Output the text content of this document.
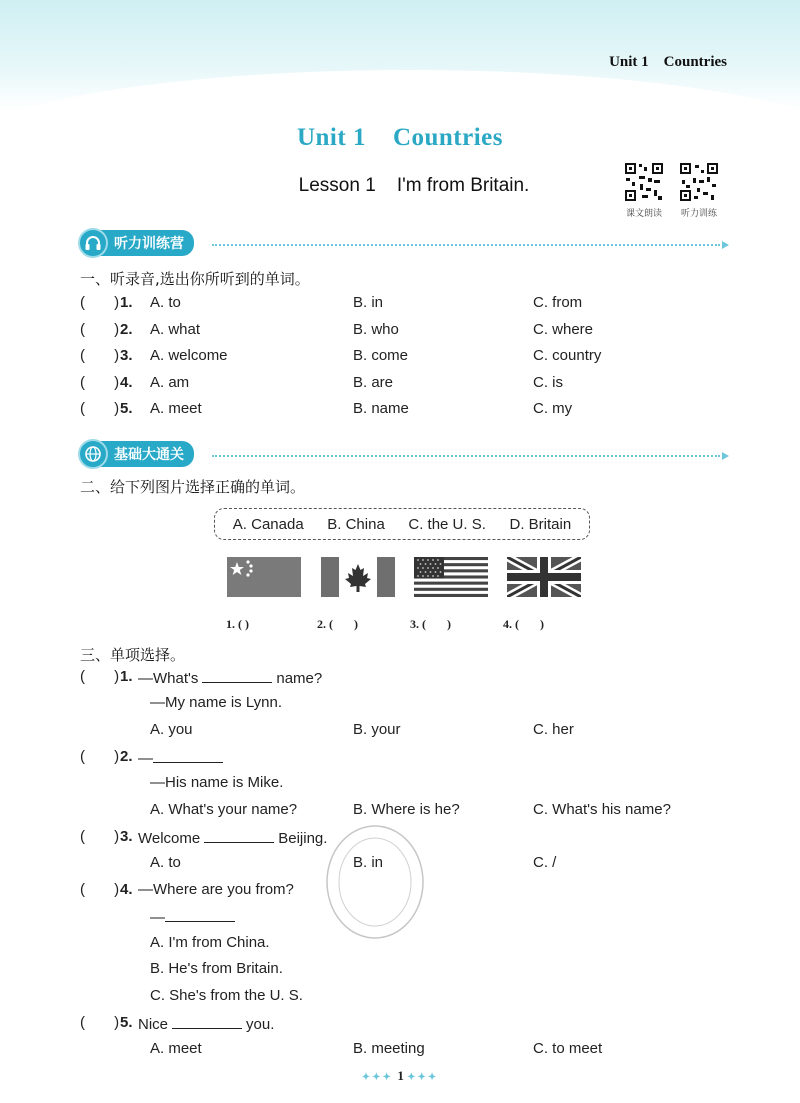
Unit 1    Countries
Unit 1    Countries
Lesson 1    I'm from Britain.
课文朗读	听力训练
听力训练营
一、听录音,选出你所听到的单词。
(       ) 1. A. to	B. in	C. from
(       ) 2. A. what	B. who	C. where
(       ) 3. A. welcome	B. come	C. country
(       ) 4. A. am	B. are	C. is
(       ) 5. A. meet	B. name	C. my
基础大通关
二、给下列图片选择正确的单词。
A. Canada B. China C. the U. S. D. Britain
1. ( )	2. (       )	3. (       )	4. (       )
三、单项选择。
(       ) 1. —What's	name?
—My name is Lynn.
A. you	B. your	C. her
(       ) 2. —
—His name is Mike.
A. What's your name?	B. Where is he?	C. What's his name?
(       ) 3. Welcome	Beijing.
A. to	B. in	C. /
(       ) 4. —Where are you from?
—
A. I'm from China.
B. He's from Britain.
C. She's from the U. S.
(       ) 5. Nice	you.
A. meet	B. meeting	C. to meet
✦✦✦ 1 ✦✦✦
